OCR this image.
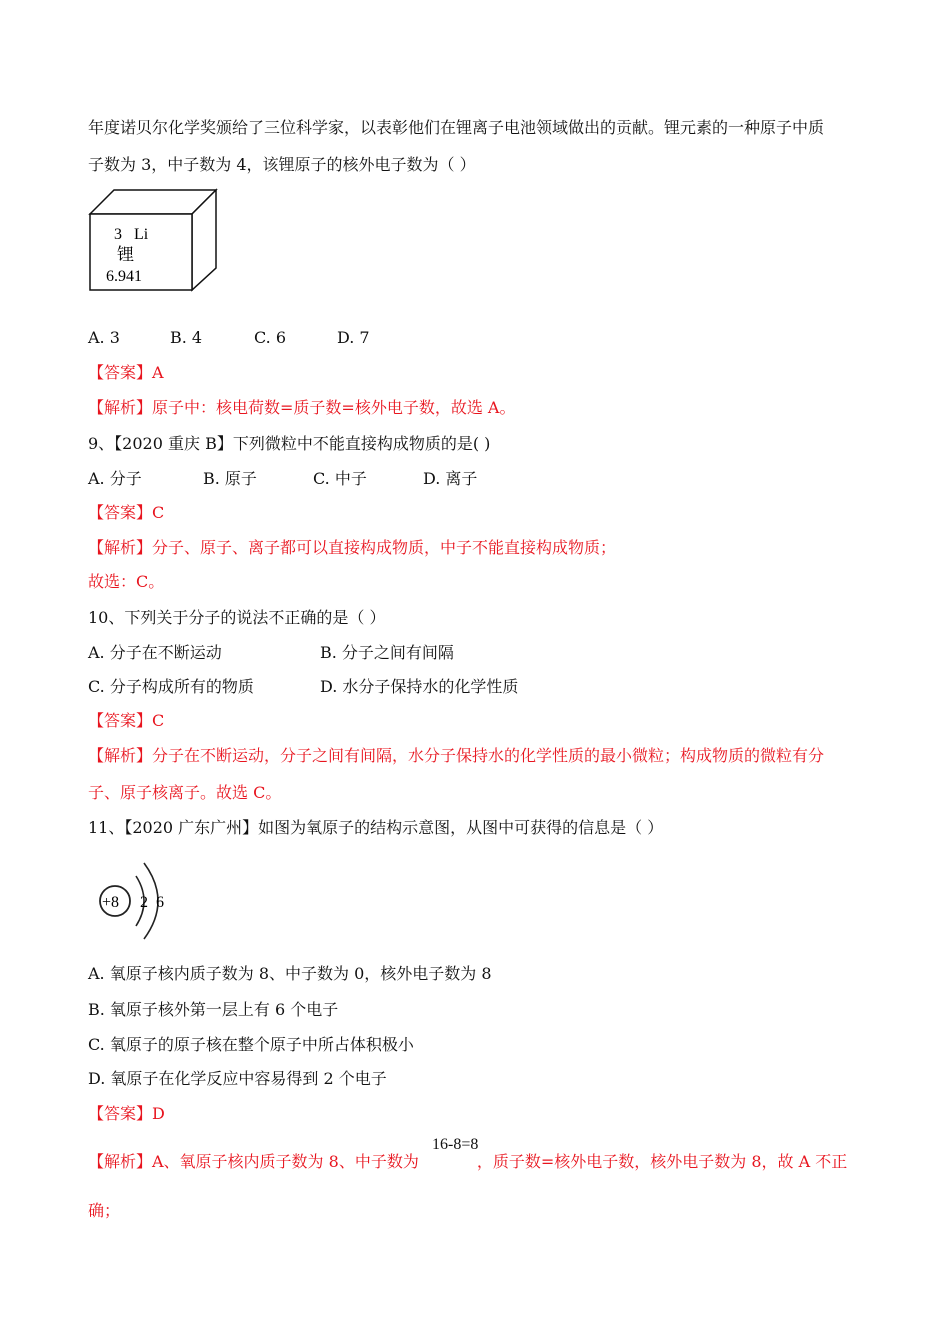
年度诺贝尔化学奖颁给了三位科学家，以表彰他们在锂离子电池领域做出的贡献。锂元素的一种原子中质
子数为 3，中子数为 4，该锂原子的核外电子数为（ ）
3 Li
锂
6.941
A. 3	B. 4	C. 6	D. 7
【答案】A
【解析】原子中：核电荷数=质子数=核外电子数，故选 A。
9、【2020 重庆 B】下列微粒中不能直接构成物质的是( )
A. 分子	B. 原子	C. 中子	D. 离子
【答案】C
【解析】分子、原子、离子都可以直接构成物质，中子不能直接构成物质；
故选：C。
10、下列关于分子的说法不正确的是（ ）
A. 分子在不断运动	B. 分子之间有间隔
C. 分子构成所有的物质	D. 水分子保持水的化学性质
【答案】C
【解析】分子在不断运动，分子之间有间隔，水分子保持水的化学性质的最小微粒；构成物质的微粒有分
子、原子核离子。故选 C。
11、【2020 广东广州】如图为氧原子的结构示意图，从图中可获得的信息是（ ）
+8 2 6
A. 氧原子核内质子数为 8、中子数为 0，核外电子数为 8
B. 氧原子核外第一层上有 6 个电子
C. 氧原子的原子核在整个原子中所占体积极小
D. 氧原子在化学反应中容易得到 2 个电子
【答案】D
【解析】A、氧原子核内质子数为 8、中子数为	，质子数=核外电子数，核外电子数为 8，故 A 不正
16-8=8
确；
